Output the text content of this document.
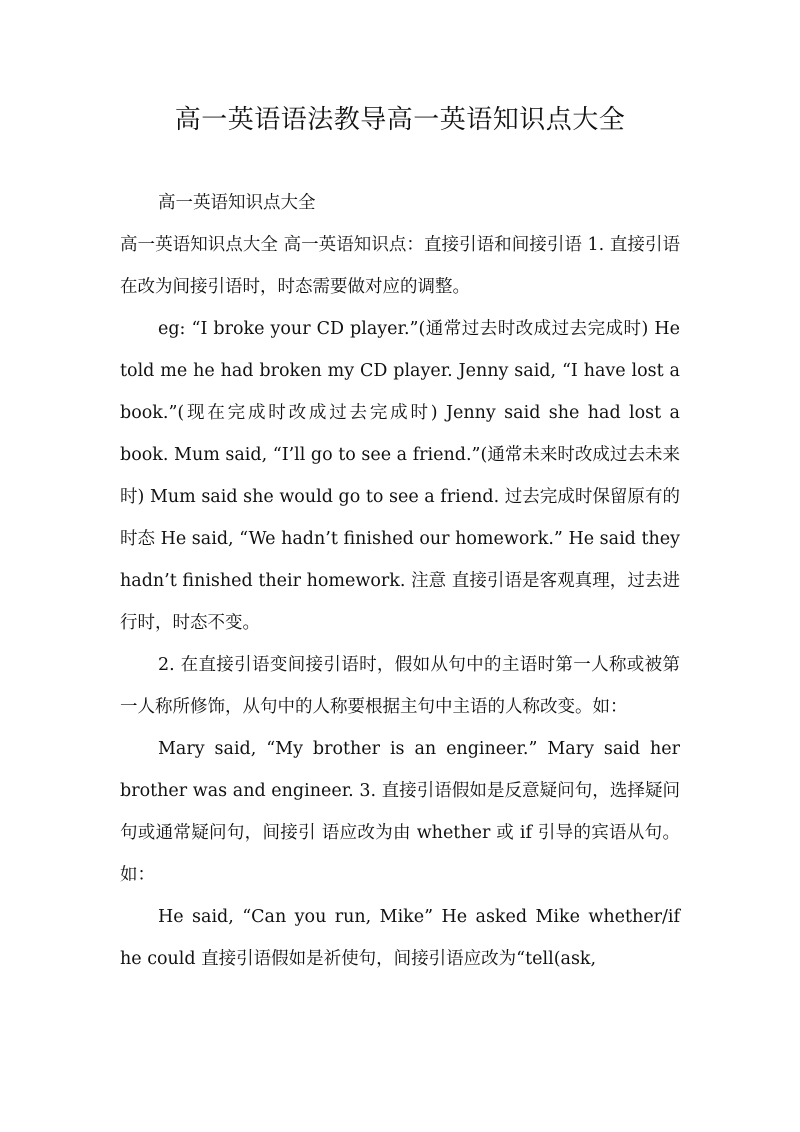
高一英语语法教导高一英语知识点大全

高一英语知识点大全

高一英语知识点大全 高一英语知识点：直接引语和间接引语 1. 直接引语在改为间接引语时，时态需要做对应的调整。

eg: “I broke your CD player.”(通常过去时改成过去完成时) He told me he had broken my CD player. Jenny said, “I have lost a book.”(现在完成时改成过去完成时) Jenny said she had lost a book. Mum said, “I’ll go to see a friend.”(通常未来时改成过去未来时) Mum said she would go to see a friend. 过去完成时保留原有的时态 He said, “We hadn’t finished our homework.” He said they hadn’t finished their homework. 注意 直接引语是客观真理，过去进行时，时态不变。

2. 在直接引语变间接引语时，假如从句中的主语时第一人称或被第 一人称所修饰，从句中的人称要根据主句中主语的人称改变。如：

Mary said, “My brother is an engineer.” Mary said her brother was and engineer. 3. 直接引语假如是反意疑问句，选择疑问句或通常疑问句，间接引 语应改为由 whether 或 if 引导的宾语从句。如：

He said, “Can you run, Mike” He asked Mike whether/if he could 直接引语假如是祈使句，间接引语应改为“tell(ask,
